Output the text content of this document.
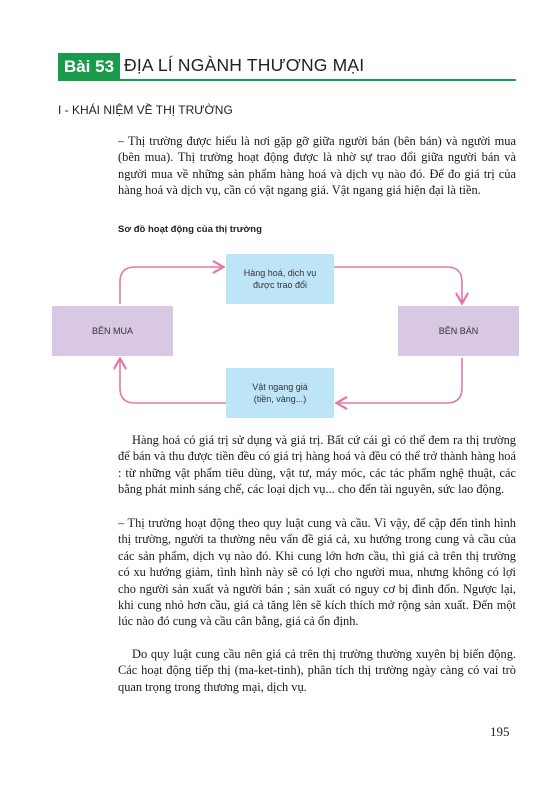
Bài 53 ĐỊA LÍ NGÀNH THƯƠNG MẠI
I - KHÁI NIỆM VỀ THỊ TRƯỜNG

– Thị trường được hiểu là nơi gặp gỡ giữa người bán (bên bán) và người mua (bên mua). Thị trường hoạt động được là nhờ sự trao đổi giữa người bán và người mua về những sản phẩm hàng hoá và dịch vụ nào đó. Để đo giá trị của hàng hoá và dịch vụ, cần có vật ngang giá. Vật ngang giá hiện đại là tiền.

Sơ đồ hoạt động của thị trường
Hàng hoá, dịch vụ
được trao đổi
Vật ngang giá
(tiền, vàng...)
BÊN MUA	BÊN BÁN

Hàng hoá có giá trị sử dụng và giá trị. Bất cứ cái gì có thể đem ra thị trường để bán và thu được tiền đều có giá trị hàng hoá và đều có thể trở thành hàng hoá : từ những vật phẩm tiêu dùng, vật tư, máy móc, các tác phẩm nghệ thuật, các bằng phát minh sáng chế, các loại dịch vụ... cho đến tài nguyên, sức lao động.

– Thị trường hoạt động theo quy luật cung và cầu. Vì vậy, để cập đến tình hình thị trường, người ta thường nêu vấn đề giá cả, xu hướng trong cung và cầu của các sản phẩm, dịch vụ nào đó. Khi cung lớn hơn cầu, thì giá cả trên thị trường có xu hướng giảm, tình hình này sẽ có lợi cho người mua, nhưng không có lợi cho người sản xuất và người bán ; sản xuất có nguy cơ bị đình đốn. Ngược lại, khi cung nhỏ hơn cầu, giá cả tăng lên sẽ kích thích mở rộng sản xuất. Đến một lúc nào đó cung và cầu cân bằng, giá cả ổn định.

Do quy luật cung cầu nên giá cả trên thị trường thường xuyên bị biến động. Các hoạt động tiếp thị (ma-ket-tinh), phân tích thị trường ngày càng có vai trò quan trọng trong thương mại, dịch vụ.

195
